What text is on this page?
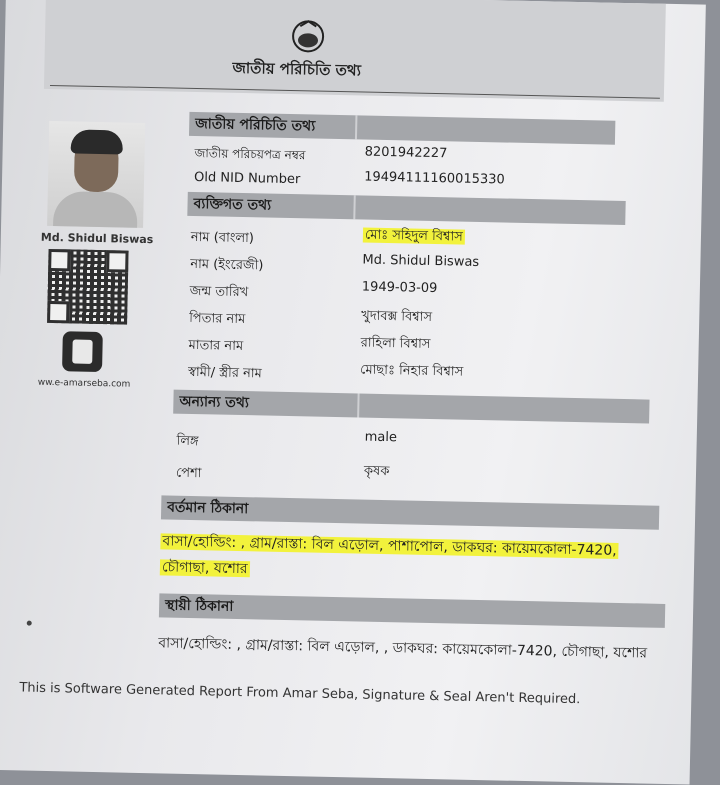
জাতীয় পরিচিতি তথ্য
Md. Shidul Biswas
ww.e-amarseba.com
জাতীয় পরিচিতি তথ্য
জাতীয় পরিচয়পত্র নম্বর	8201942227
Old NID Number	19494111160015330
ব্যক্তিগত তথ্য
নাম (বাংলা)	মোঃ সহিদুল বিশ্বাস
নাম (ইংরেজী)	Md. Shidul Biswas
জন্ম তারিখ	1949-03-09
পিতার নাম	খুদাবক্স বিশ্বাস
মাতার নাম	রাহিলা বিশ্বাস
স্বামী/ স্ত্রীর নাম	মোছাঃ নিহার বিশ্বাস
অন্যান্য তথ্য
লিঙ্গ	male
পেশা	কৃষক
বর্তমান ঠিকানা
বাসা/হোল্ডিং: , গ্রাম/রাস্তা: বিল এড়োল, পাশাপোল, ডাকঘর: কায়েমকোলা-7420,
চৌগাছা, যশোর
স্থায়ী ঠিকানা
বাসা/হোল্ডিং: , গ্রাম/রাস্তা: বিল এড়োল, , ডাকঘর: কায়েমকোলা-7420, চৌগাছা, যশোর
This is Software Generated Report From Amar Seba, Signature & Seal Aren't Required.
